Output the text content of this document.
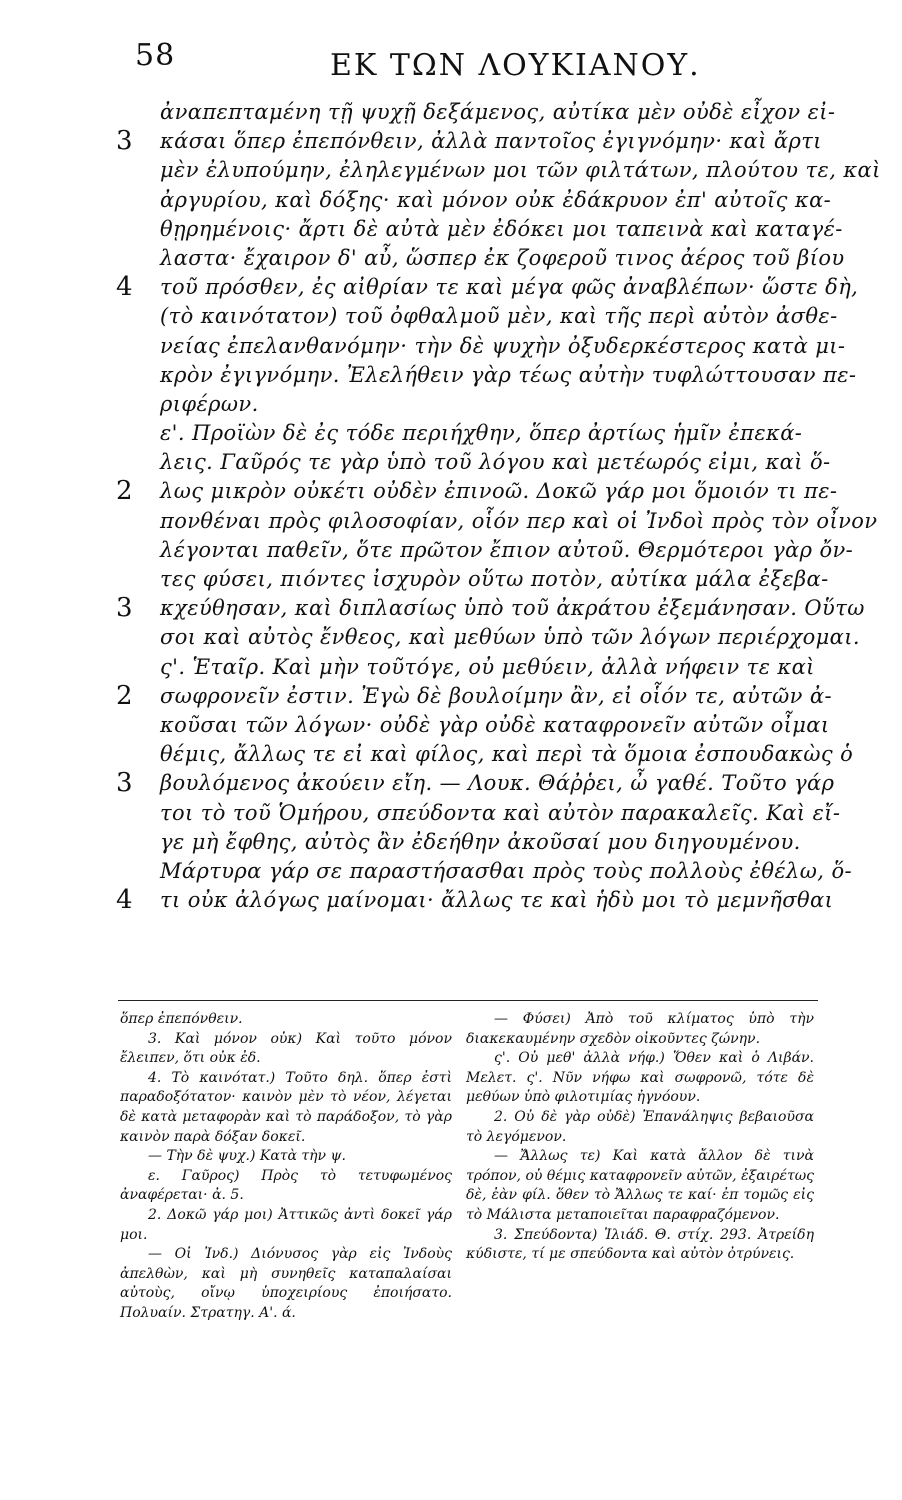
58	ΕΚ ΤΩΝ ΛΟΥΚΙΑΝΟΥ.
ἀναπεπταμένη τῇ ψυχῇ δεξάμενος, αὐτίκα μὲν οὐδὲ εἶχον εἰ-
3 κάσαι ὅπερ ἐπεπόνθειν, ἀλλὰ παντοῖος ἐγιγνόμην· καὶ ἄρτι
μὲν ἐλυπούμην, ἐληλεγμένων μοι τῶν φιλτάτων, πλούτου τε, καὶ
ἀργυρίου, καὶ δόξης· καὶ μόνον οὐκ ἐδάκρυον ἐπ' αὐτοῖς κα-
θῃρημένοις· ἄρτι δὲ αὐτὰ μὲν ἐδόκει μοι ταπεινὰ καὶ καταγέ-
λαστα· ἔχαιρον δ' αὖ, ὥσπερ ἐκ ζοφεροῦ τινος ἀέρος τοῦ βίου
4 τοῦ πρόσθεν, ἐς αἰθρίαν τε καὶ μέγα φῶς ἀναβλέπων· ὥστε δὴ,
(τὸ καινότατον) τοῦ ὀφθαλμοῦ μὲν, καὶ τῆς περὶ αὐτὸν ἀσθε-
νείας ἐπελανθανόμην· τὴν δὲ ψυχὴν ὀξυδερκέστερος κατὰ μι-
κρὸν ἐγιγνόμην. Ἐλελήθειν γὰρ τέως αὐτὴν τυφλώττουσαν πε-
ριφέρων.
ε'. Προϊὼν δὲ ἐς τόδε περιήχθην, ὅπερ ἀρτίως ἡμῖν ἐπεκά-
λεις. Γαῦρός τε γὰρ ὑπὸ τοῦ λόγου καὶ μετέωρός εἰμι, καὶ ὅ-
2 λως μικρὸν οὐκέτι οὐδὲν ἐπινοῶ. Δοκῶ γάρ μοι ὅμοιόν τι πε-
πονθέναι πρὸς φιλοσοφίαν, οἷόν περ καὶ οἱ Ἰνδοὶ πρὸς τὸν οἶνον
λέγονται παθεῖν, ὅτε πρῶτον ἔπιον αὐτοῦ. Θερμότεροι γὰρ ὄν-
τες φύσει, πιόντες ἰσχυρὸν οὕτω ποτὸν, αὐτίκα μάλα ἐξεβα-
3 κχεύθησαν, καὶ διπλασίως ὑπὸ τοῦ ἀκράτου ἐξεμάνησαν. Οὕτω
σοι καὶ αὐτὸς ἔνθεος, καὶ μεθύων ὑπὸ τῶν λόγων περιέρχομαι.
ς'. Ἑταῖρ. Καὶ μὴν τοῦτόγε, οὐ μεθύειν, ἀλλὰ νήφειν τε καὶ
2 σωφρονεῖν ἐστιν. Ἐγὼ δὲ βουλοίμην ἂν, εἰ οἷόν τε, αὐτῶν ἀ-
κοῦσαι τῶν λόγων· οὐδὲ γὰρ οὐδὲ καταφρονεῖν αὐτῶν οἶμαι
θέμις, ἄλλως τε εἰ καὶ φίλος, καὶ περὶ τὰ ὅμοια ἐσπουδακὼς ὁ
3 βουλόμενος ἀκούειν εἴη. — Λουκ. Θάῤῥει, ὦ γαθέ. Τοῦτο γάρ
τοι τὸ τοῦ Ὁμήρου, σπεύδοντα καὶ αὐτὸν παρακαλεῖς. Καὶ εἴ-
γε μὴ ἔφθης, αὐτὸς ἂν ἐδεήθην ἀκοῦσαί μου διηγουμένου.
Μάρτυρα γάρ σε παραστήσασθαι πρὸς τοὺς πολλοὺς ἐθέλω, ὅ-
4 τι οὐκ ἀλόγως μαίνομαι· ἄλλως τε καὶ ἡδὺ μοι τὸ μεμνῆσθαι

ὅπερ ἐπεπόνθειν.

3. Καὶ μόνον οὐκ) Καὶ τοῦτο μόνον ἔλειπεν, ὅτι οὐκ ἐδ.

4. Τὸ καινότατ.) Τοῦτο δηλ. ὅπερ ἐστὶ παραδοξότατον· καινὸν μὲν τὸ νέον, λέγεται δὲ κατὰ μεταφορὰν καὶ τὸ παράδοξον, τὸ γὰρ καινὸν παρὰ δόξαν δοκεῖ.

— Τὴν δὲ ψυχ.) Κατὰ τὴν ψ.

ε. Γαῦρος) Πρὸς τὸ τετυφωμένος ἀναφέρεται· ἀ. 5.

2. Δοκῶ γάρ μοι) Ἀττικῶς ἀντὶ δοκεῖ γάρ μοι.

— Οἱ Ἰνδ.) Διόνυσος γὰρ εἰς Ἰνδοὺς ἀπελθὼν, καὶ μὴ συνηθεῖς καταπαλαίσαι αὐτοὺς, οἴνῳ ὑποχειρίους ἐποιήσατο. Πολυαίν. Στρατηγ. Α'. ά.

— Φύσει) Ἀπὸ τοῦ κλίματος ὑπὸ τὴν διακεκαυμένην σχεδὸν οἰκοῦντες ζώνην.

ς'. Οὐ μεθ' ἀλλὰ νήφ.) Ὅθεν καὶ ὁ Λιβάν. Μελετ. ς'. Νῦν νήφω καὶ σωφρονῶ, τότε δὲ μεθύων ὑπὸ φιλοτιμίας ἠγνόουν.

2. Οὐ δὲ γὰρ οὐδὲ) Ἐπανάληψις βεβαιοῦσα τὸ λεγόμενον.

— Ἄλλως τε) Καὶ κατὰ ἄλλον δὲ τινὰ τρόπον, οὐ θέμις καταφρονεῖν αὐτῶν, ἐξαιρέτως δὲ, ἐὰν φίλ. ὅθεν τὸ Ἄλλως τε καί· ἐπ τομῶς εἰς τὸ Μάλιστα μεταποιεῖται παραφραζόμενον.

3. Σπεύδοντα) Ἰλιάδ. Θ. στίχ. 293. Ἀτρείδη κύδιστε, τί με σπεύδοντα καὶ αὐτὸν ὀτρύνεις.
